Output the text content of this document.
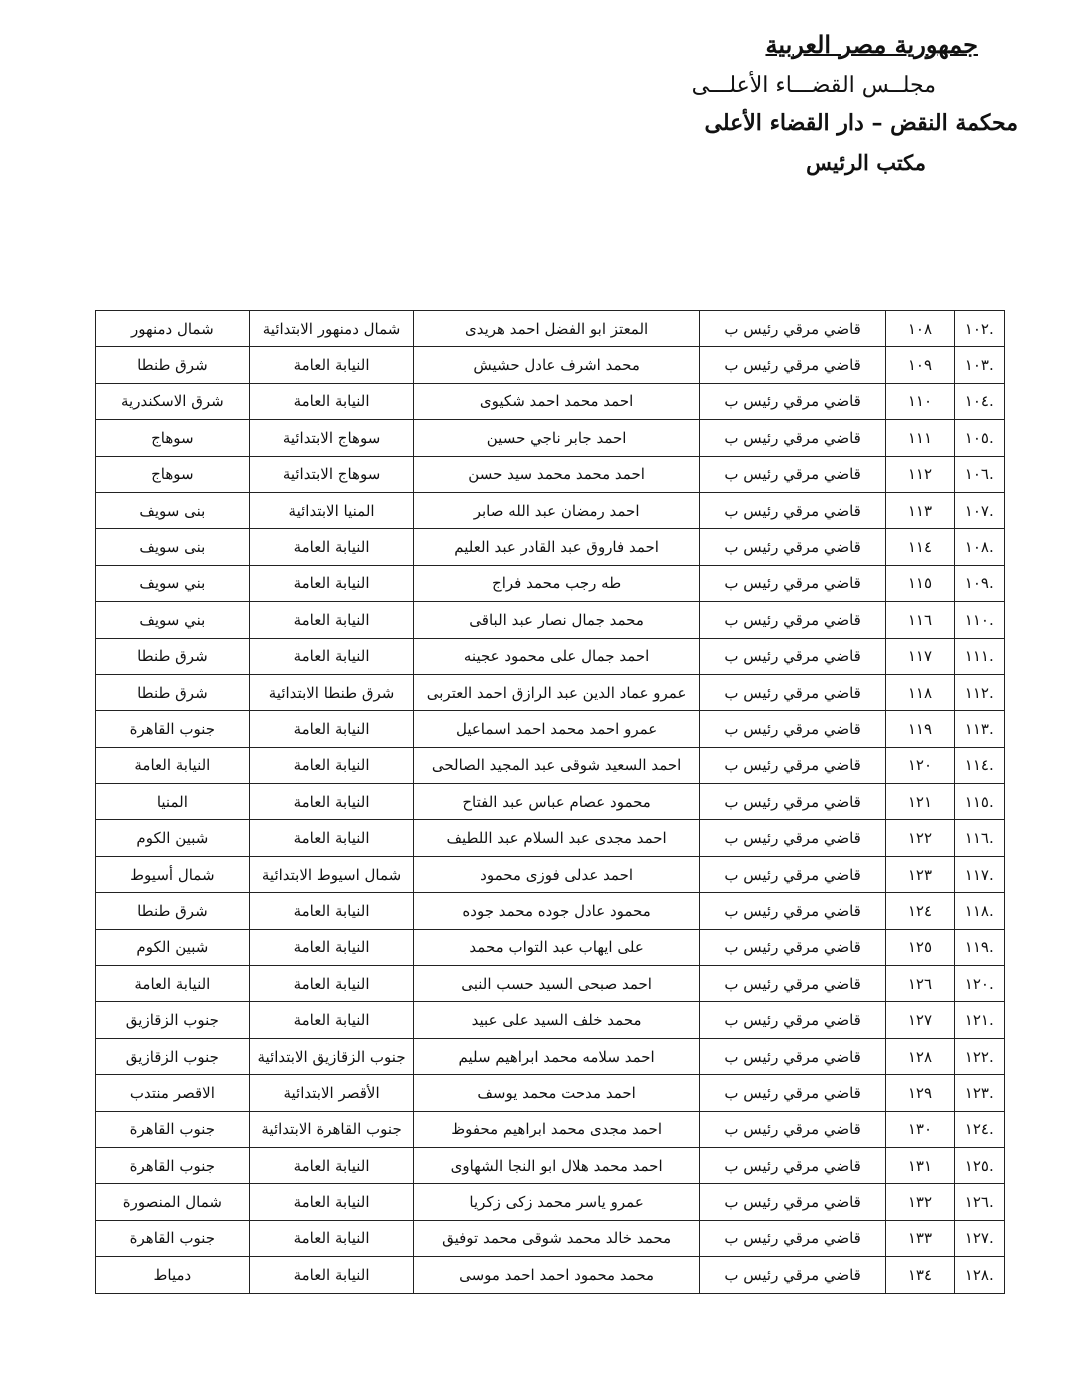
جمهورية مصر العربية

مجلــس القضـــاء الأعلـــى

محكمة النقض – دار القضاء الأعلى

مكتب الرئيس

.١٠٢	١٠٨	قاضي مرقي رئيس ب	المعتز ابو الفضل احمد هريدى	شمال دمنهور الابتدائية	شمال دمنهور
.١٠٣	١٠٩	قاضي مرقي رئيس ب	محمد اشرف عادل حشيش	النيابة العامة	شرق طنطا
.١٠٤	١١٠	قاضي مرقي رئيس ب	احمد محمد احمد شكيوى	النيابة العامة	شرق الاسكندرية
.١٠٥	١١١	قاضي مرقي رئيس ب	احمد جابر ناجي حسين	سوهاج الابتدائية	سوهاج
.١٠٦	١١٢	قاضي مرقي رئيس ب	احمد محمد محمد سيد حسن	سوهاج الابتدائية	سوهاج
.١٠٧	١١٣	قاضي مرقي رئيس ب	احمد رمضان عبد الله صابر	المنيا الابتدائية	بنى سويف
.١٠٨	١١٤	قاضي مرقي رئيس ب	احمد فاروق عبد القادر عبد العليم	النيابة العامة	بنى سويف
.١٠٩	١١٥	قاضي مرقي رئيس ب	طه رجب محمد فراج	النيابة العامة	بني سويف
.١١٠	١١٦	قاضي مرقي رئيس ب	محمد جمال نصار عبد الباقى	النيابة العامة	بني سويف
.١١١	١١٧	قاضي مرقي رئيس ب	احمد جمال على محمود عجينه	النيابة العامة	شرق طنطا
.١١٢	١١٨	قاضي مرقي رئيس ب	عمرو عماد الدين عبد الرازق احمد العتربى	شرق طنطا الابتدائية	شرق طنطا
.١١٣	١١٩	قاضي مرقي رئيس ب	عمرو احمد محمد احمد اسماعيل	النيابة العامة	جنوب القاهرة
.١١٤	١٢٠	قاضي مرقي رئيس ب	احمد السعيد شوقى عبد المجيد الصالحى	النيابة العامة	النيابة العامة
.١١٥	١٢١	قاضي مرقي رئيس ب	محمود عصام عباس عبد الفتاح	النيابة العامة	المنيا
.١١٦	١٢٢	قاضي مرقي رئيس ب	احمد مجدى عبد السلام عبد اللطيف	النيابة العامة	شبين الكوم
.١١٧	١٢٣	قاضي مرقي رئيس ب	احمد عدلى فوزى محمود	شمال اسيوط الابتدائية	شمال أسيوط
.١١٨	١٢٤	قاضي مرقي رئيس ب	محمود عادل جوده محمد جوده	النيابة العامة	شرق طنطا
.١١٩	١٢٥	قاضي مرقي رئيس ب	على ايهاب عبد التواب محمد	النيابة العامة	شبين الكوم
.١٢٠	١٢٦	قاضي مرقي رئيس ب	احمد صبحى السيد حسب النبى	النيابة العامة	النيابة العامة
.١٢١	١٢٧	قاضي مرقي رئيس ب	محمد خلف السيد على عبيد	النيابة العامة	جنوب الزقازيق
.١٢٢	١٢٨	قاضي مرقي رئيس ب	احمد سلامه محمد ابراهيم سليم	جنوب الزقازيق الابتدائية	جنوب الزقازيق
.١٢٣	١٢٩	قاضي مرقي رئيس ب	احمد مدحت محمد يوسف	الأقصر الابتدائية	الاقصر منتدب
.١٢٤	١٣٠	قاضي مرقي رئيس ب	احمد مجدى محمد ابراهيم محفوظ	جنوب القاهرة الابتدائية	جنوب القاهرة
.١٢٥	١٣١	قاضي مرقي رئيس ب	احمد محمد هلال ابو النجا الشهاوى	النيابة العامة	جنوب القاهرة
.١٢٦	١٣٢	قاضي مرقي رئيس ب	عمرو ياسر محمد زكى زكريا	النيابة العامة	شمال المنصورة
.١٢٧	١٣٣	قاضي مرقي رئيس ب	محمد خالد محمد شوقى محمد توفيق	النيابة العامة	جنوب القاهرة
.١٢٨	١٣٤	قاضي مرقي رئيس ب	محمد محمود احمد احمد موسى	النيابة العامة	دمياط
